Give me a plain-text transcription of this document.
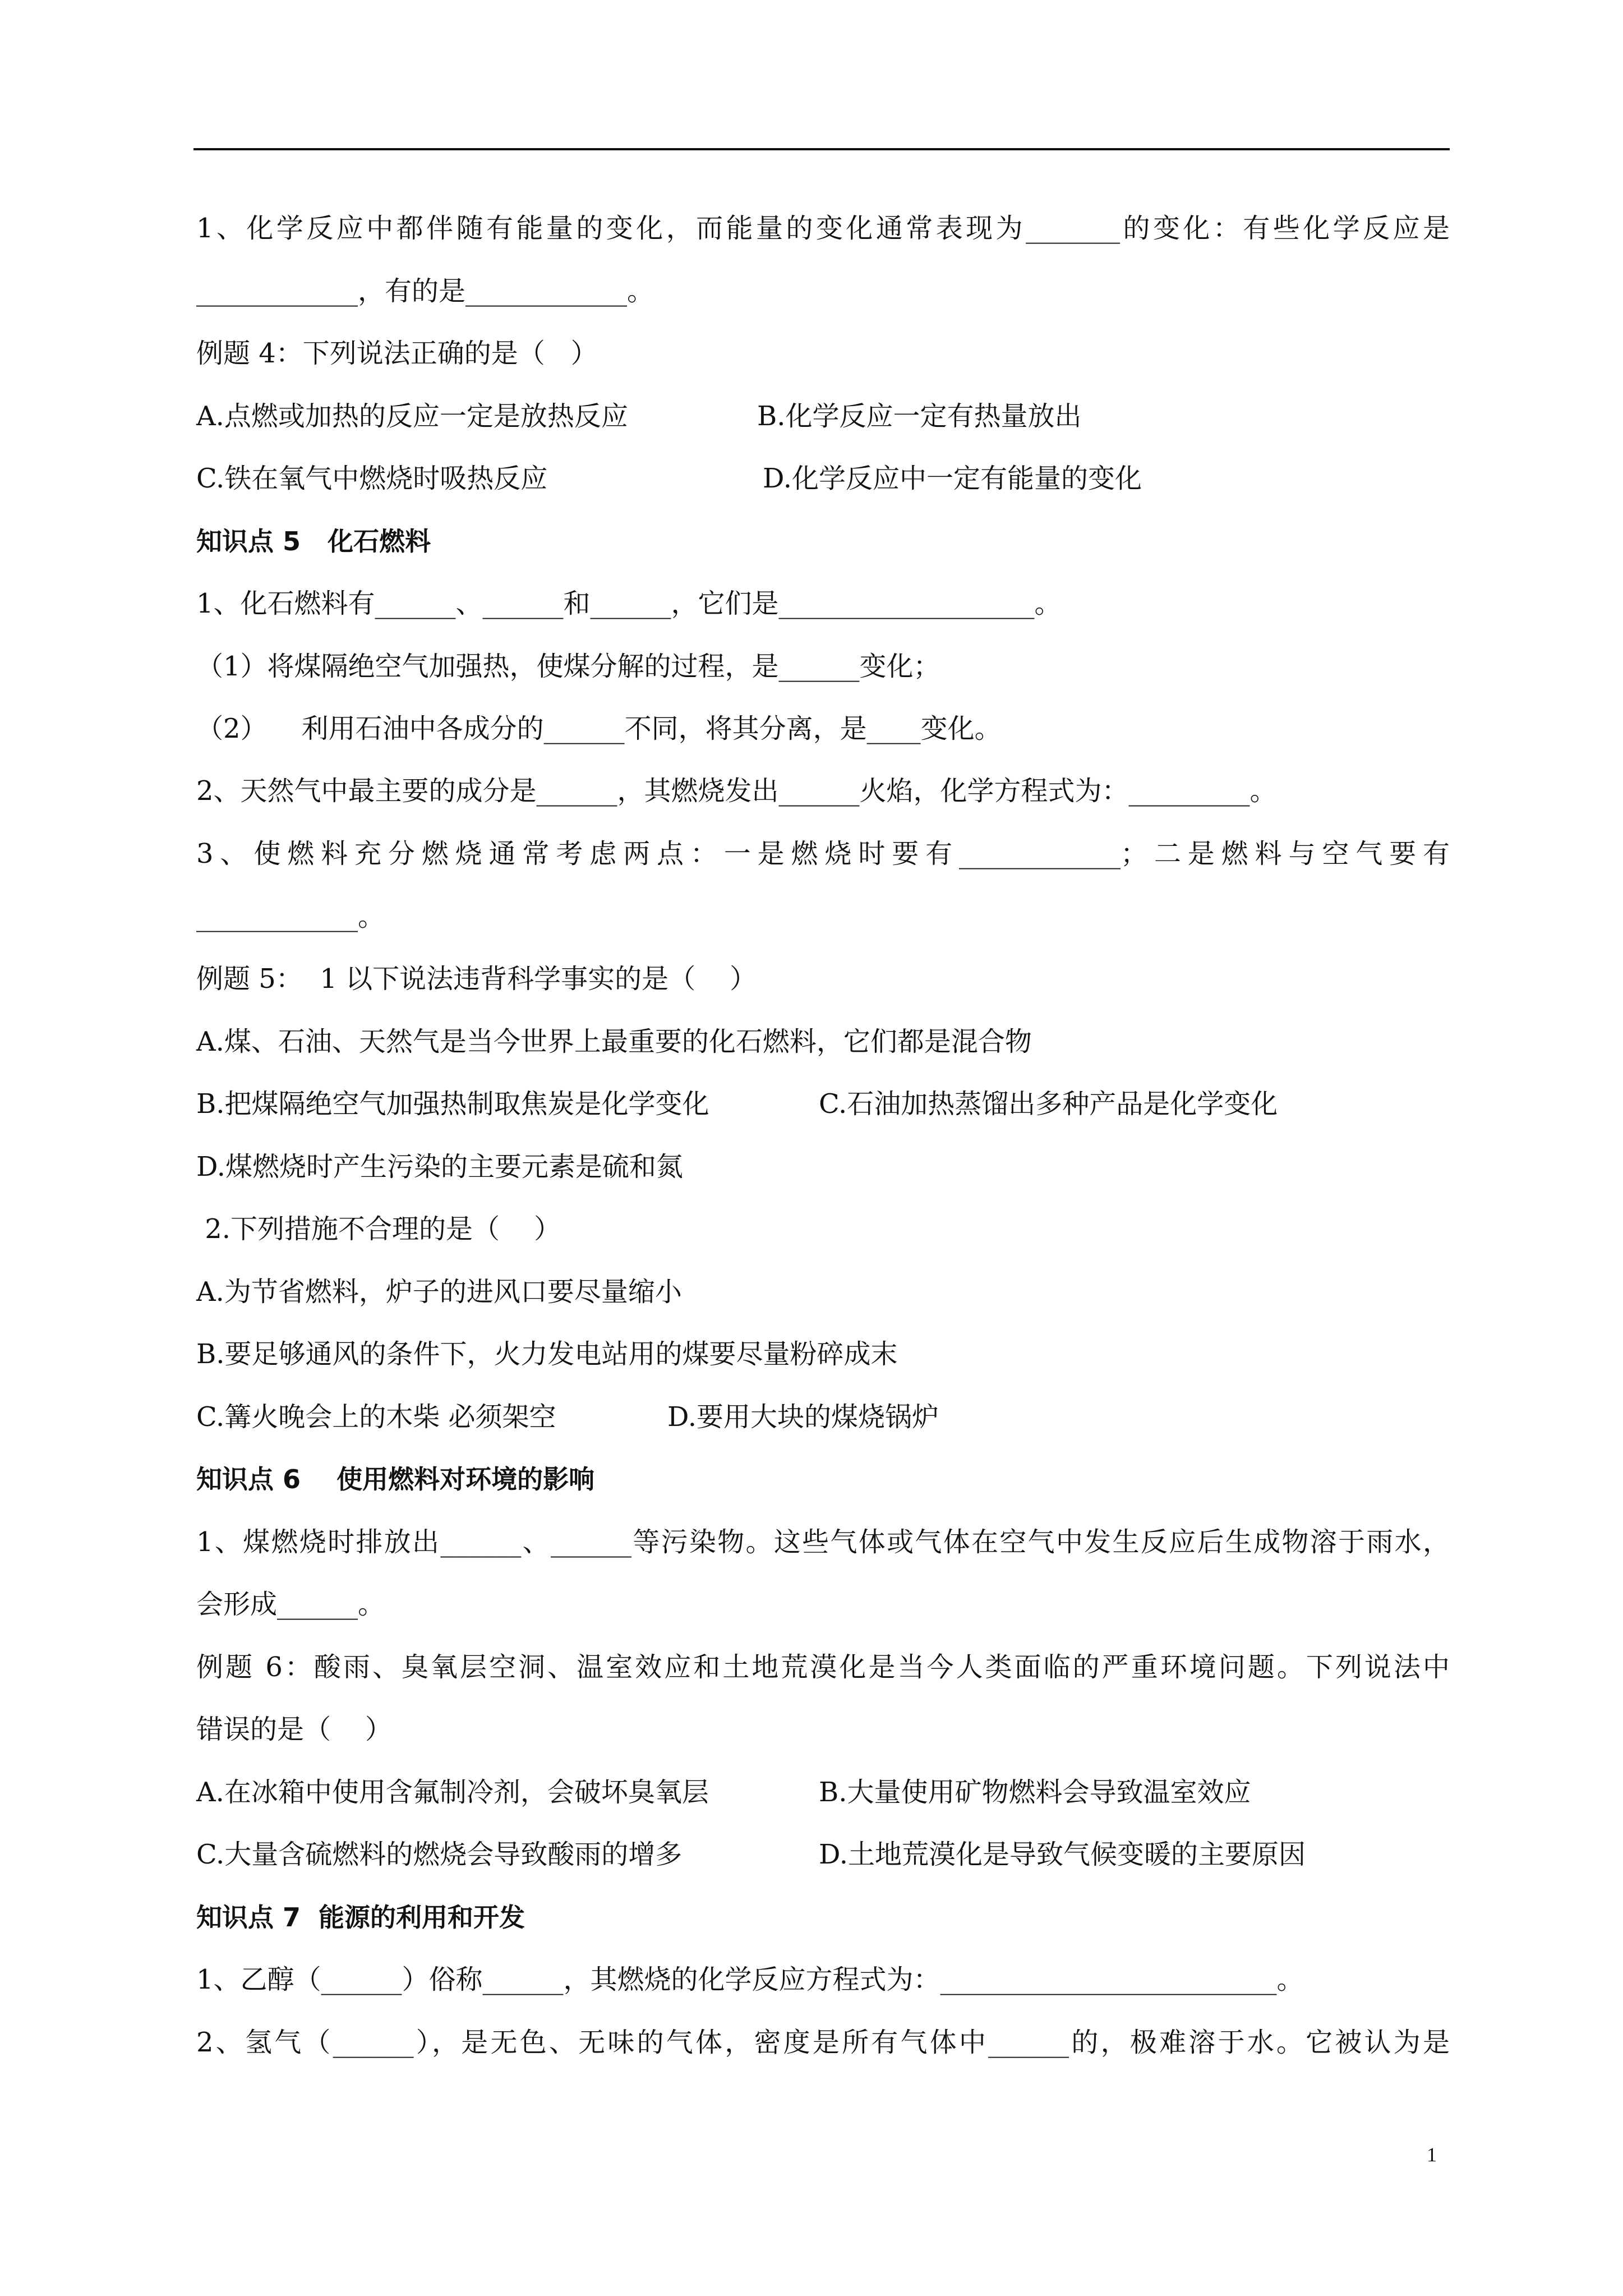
1、化学反应中都伴随有能量的变化，而能量的变化通常表现为_______的变化：有些化学反应是
____________，有的是____________。
例题 4：下列说法正确的是（   ）
A.点燃或加热的反应一定是放热反应	B.化学反应一定有热量放出
C.铁在氧气中燃烧时吸热反应	D.化学反应中一定有能量的变化
知识点 5   化石燃料
1、化石燃料有______、______和______，它们是___________________。
（1）将煤隔绝空气加强热，使煤分解的过程，是______变化；
（2）    利用石油中各成分的______不同，将其分离，是____变化。
2、天然气中最主要的成分是______，其燃烧发出______火焰，化学方程式为：_________。
3、使燃料充分燃烧通常考虑两点：一是燃烧时要有____________；二是燃料与空气要有
____________。
例题 5：  1 以下说法违背科学事实的是（    ）
A.煤、石油、天然气是当今世界上最重要的化石燃料，它们都是混合物
B.把煤隔绝空气加强热制取焦炭是化学变化	C.石油加热蒸馏出多种产品是化学变化
D.煤燃烧时产生污染的主要元素是硫和氮
2.下列措施不合理的是（    ）
A.为节省燃料，炉子的进风口要尽量缩小
B.要足够通风的条件下，火力发电站用的煤要尽量粉碎成末
C.篝火晚会上的木柴 必须架空	D.要用大块的煤烧锅炉
知识点 6    使用燃料对环境的影响
1、煤燃烧时排放出______、______等污染物。这些气体或气体在空气中发生反应后生成物溶于雨水，
会形成______。
例题 6：酸雨、臭氧层空洞、温室效应和土地荒漠化是当今人类面临的严重环境问题。下列说法中
错误的是（    ）
A.在冰箱中使用含氟制冷剂，会破坏臭氧层	B.大量使用矿物燃料会导致温室效应
C.大量含硫燃料的燃烧会导致酸雨的增多	D.土地荒漠化是导致气候变暖的主要原因
知识点 7  能源的利用和开发
1、乙醇（______）俗称______，其燃烧的化学反应方程式为：_________________________。
2、氢气（______），是无色、无味的气体，密度是所有气体中______的，极难溶于水。它被认为是
1
